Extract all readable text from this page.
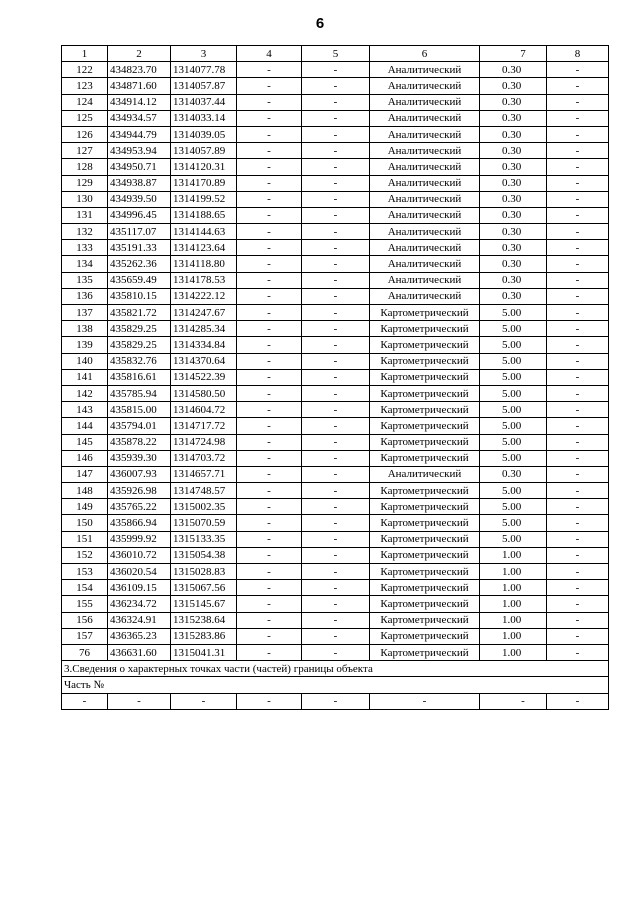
6
1	2	3	4	5	6	7	8
122	434823.70	1314077.78	-	-	Аналитический	0.30	-
123	434871.60	1314057.87	-	-	Аналитический	0.30	-
124	434914.12	1314037.44	-	-	Аналитический	0.30	-
125	434934.57	1314033.14	-	-	Аналитический	0.30	-
126	434944.79	1314039.05	-	-	Аналитический	0.30	-
127	434953.94	1314057.89	-	-	Аналитический	0.30	-
128	434950.71	1314120.31	-	-	Аналитический	0.30	-
129	434938.87	1314170.89	-	-	Аналитический	0.30	-
130	434939.50	1314199.52	-	-	Аналитический	0.30	-
131	434996.45	1314188.65	-	-	Аналитический	0.30	-
132	435117.07	1314144.63	-	-	Аналитический	0.30	-
133	435191.33	1314123.64	-	-	Аналитический	0.30	-
134	435262.36	1314118.80	-	-	Аналитический	0.30	-
135	435659.49	1314178.53	-	-	Аналитический	0.30	-
136	435810.15	1314222.12	-	-	Аналитический	0.30	-
137	435821.72	1314247.67	-	-	Картометрический	5.00	-
138	435829.25	1314285.34	-	-	Картометрический	5.00	-
139	435829.25	1314334.84	-	-	Картометрический	5.00	-
140	435832.76	1314370.64	-	-	Картометрический	5.00	-
141	435816.61	1314522.39	-	-	Картометрический	5.00	-
142	435785.94	1314580.50	-	-	Картометрический	5.00	-
143	435815.00	1314604.72	-	-	Картометрический	5.00	-
144	435794.01	1314717.72	-	-	Картометрический	5.00	-
145	435878.22	1314724.98	-	-	Картометрический	5.00	-
146	435939.30	1314703.72	-	-	Картометрический	5.00	-
147	436007.93	1314657.71	-	-	Аналитический	0.30	-
148	435926.98	1314748.57	-	-	Картометрический	5.00	-
149	435765.22	1315002.35	-	-	Картометрический	5.00	-
150	435866.94	1315070.59	-	-	Картометрический	5.00	-
151	435999.92	1315133.35	-	-	Картометрический	5.00	-
152	436010.72	1315054.38	-	-	Картометрический	1.00	-
153	436020.54	1315028.83	-	-	Картометрический	1.00	-
154	436109.15	1315067.56	-	-	Картометрический	1.00	-
155	436234.72	1315145.67	-	-	Картометрический	1.00	-
156	436324.91	1315238.64	-	-	Картометрический	1.00	-
157	436365.23	1315283.86	-	-	Картометрический	1.00	-
76	436631.60	1315041.31	-	-	Картометрический	1.00	-
3.Сведения о характерных точках части (частей) границы объекта							
Часть №							
-	-	-	-	-	-	-	-
